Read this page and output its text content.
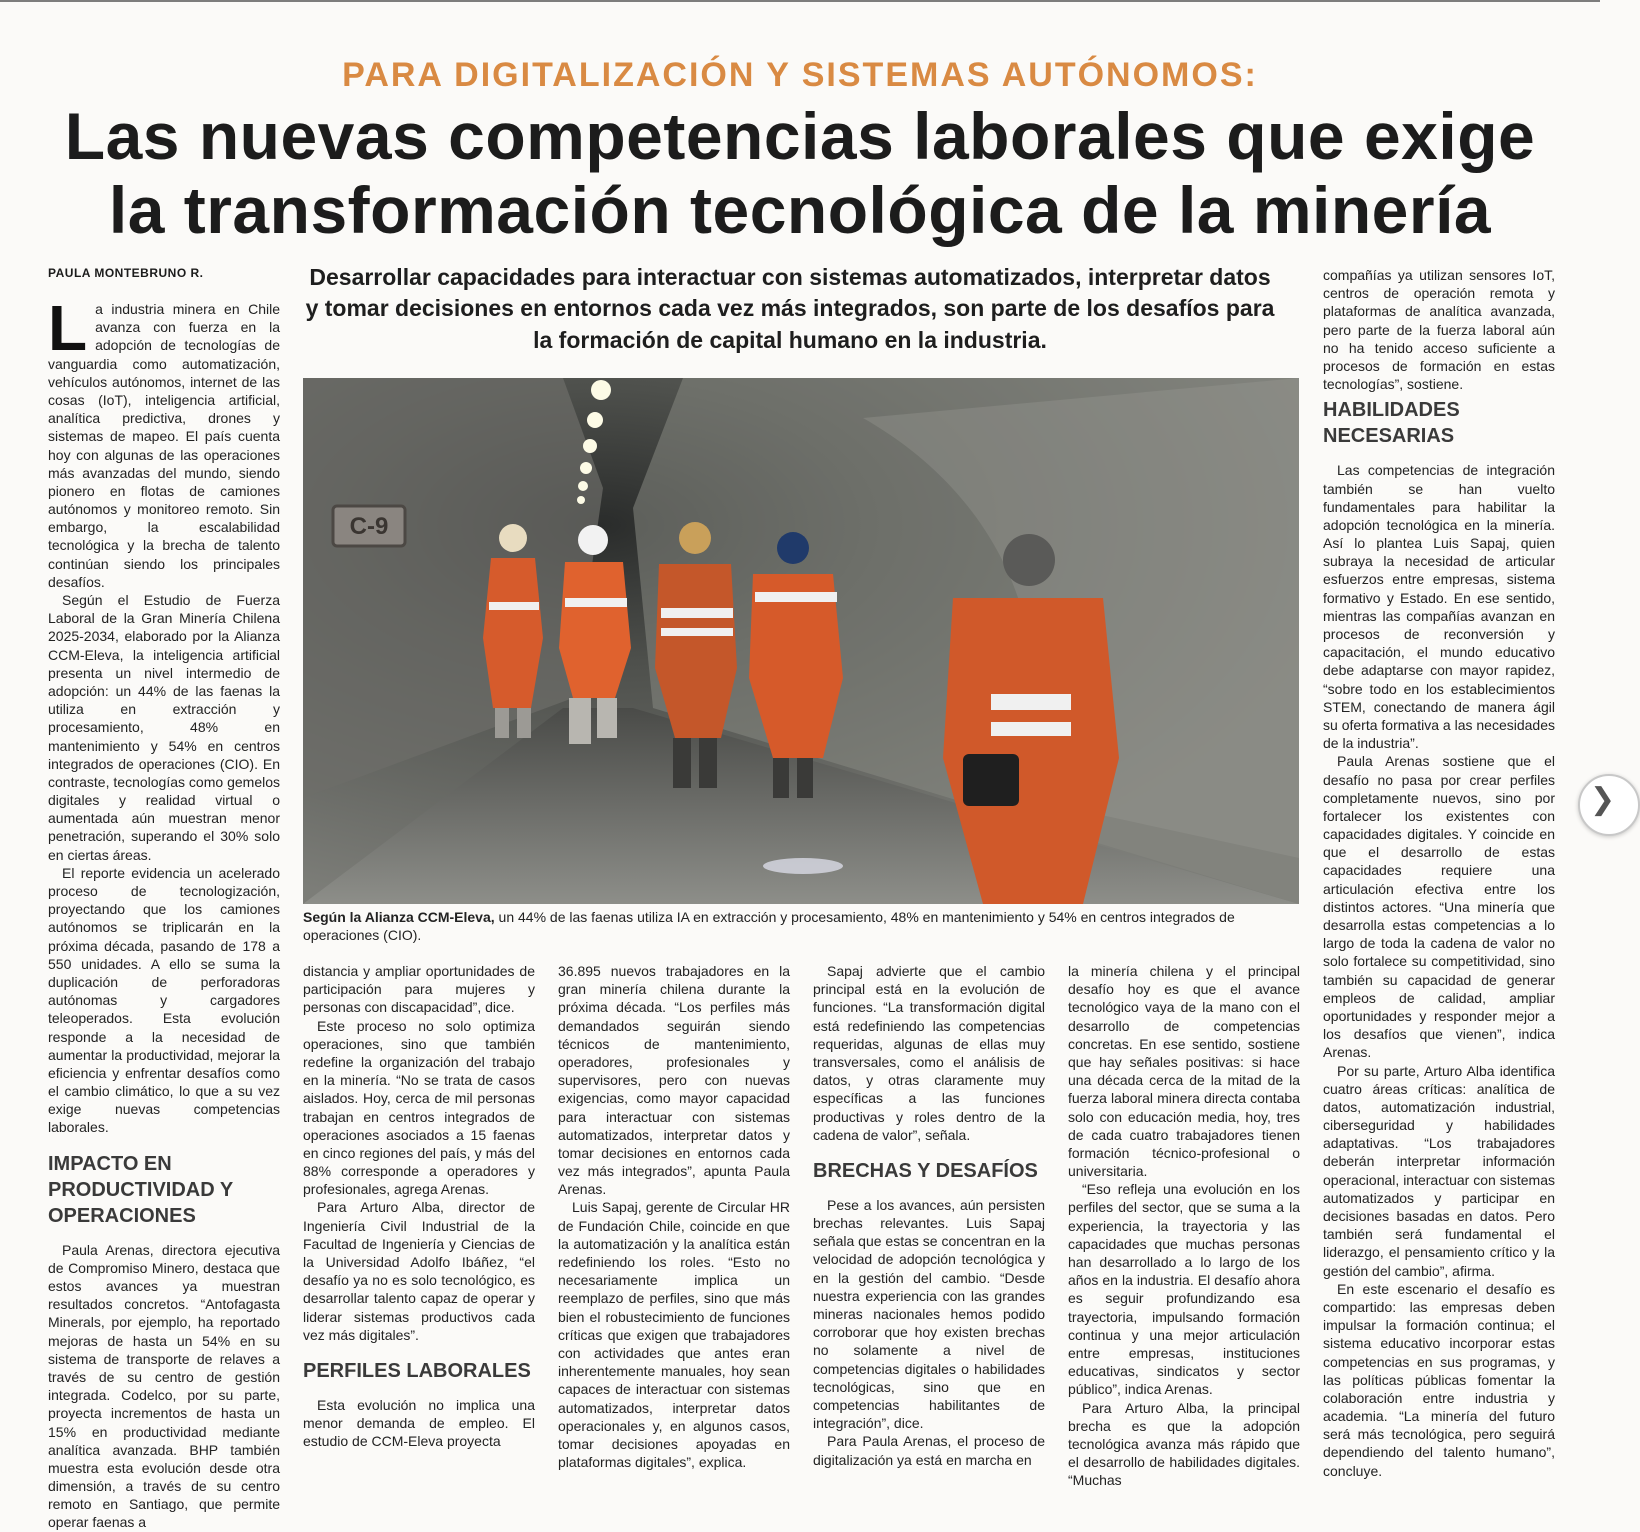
PARA DIGITALIZACIÓN Y SISTEMAS AUTÓNOMOS:
Las nuevas competencias laborales que exige
la transformación tecnológica de la minería
PAULA MONTEBRUNO R.	Desarrollar capacidades para interactuar con sistemas automatizados, interpretar datos y tomar decisiones en entornos cada vez más integrados, son parte de los desafíos para la formación de capital humano en la industria.

La industria minera en Chile avanza con fuerza en la adopción de tecnologías de vanguardia como automatización, vehículos autónomos, internet de las cosas (IoT), inteligencia artificial, analítica predictiva, drones y sistemas de mapeo. El país cuenta hoy con algunas de las operaciones más avanzadas del mundo, siendo pionero en flotas de camiones autónomos y monitoreo remoto. Sin embargo, la escalabilidad tecnológica y la brecha de talento continúan siendo los principales desafíos.

Según el Estudio de Fuerza Laboral de la Gran Minería Chilena 2025-2034, elaborado por la Alianza CCM-Eleva, la inteligencia artificial presenta un nivel intermedio de adopción: un 44% de las faenas la utiliza en extracción y procesamiento, 48% en mantenimiento y 54% en centros integrados de operaciones (CIO). En contraste, tecnologías como gemelos digitales y realidad virtual o aumentada aún muestran menor penetración, superando el 30% solo en ciertas áreas.

El reporte evidencia un acelerado proceso de tecnologización, proyectando que los camiones autónomos se triplicarán en la próxima década, pasando de 178 a 550 unidades. A ello se suma la duplicación de perforadoras autónomas y cargadores teleoperados. Esta evolución responde a la necesidad de aumentar la productividad, mejorar la eficiencia y enfrentar desafíos como el cambio climático, lo que a su vez exige nuevas competencias laborales.

IMPACTO EN PRODUCTIVIDAD Y OPERACIONES

Paula Arenas, directora ejecutiva de Compromiso Minero, destaca que estos avances ya muestran resultados concretos. “Antofagasta Minerals, por ejemplo, ha reportado mejoras de hasta un 54% en su sistema de transporte de relaves a través de su centro de gestión integrada. Codelco, por su parte, proyecta incrementos de hasta un 15% en productividad mediante analítica avanzada. BHP también muestra esta evolución desde otra dimensión, a través de su centro remoto en Santiago, que permite operar faenas a

C-9
Según la Alianza CCM-Eleva, un 44% de las faenas utiliza IA en extracción y procesamiento, 48% en mantenimiento y 54% en centros integrados de operaciones (CIO).

distancia y ampliar oportunidades de participación para mujeres y personas con discapacidad”, dice.

Este proceso no solo optimiza operaciones, sino que también redefine la organización del trabajo en la minería. “No se trata de casos aislados. Hoy, cerca de mil personas trabajan en centros integrados de operaciones asociados a 15 faenas en cinco regiones del país, y más del 88% corresponde a operadores y profesionales, agrega Arenas.

Para Arturo Alba, director de Ingeniería Civil Industrial de la Facultad de Ingeniería y Ciencias de la Universidad Adolfo Ibáñez, “el desafío ya no es solo tecnológico, es desarrollar talento capaz de operar y liderar sistemas productivos cada vez más digitales”.

PERFILES LABORALES

Esta evolución no implica una menor demanda de empleo. El estudio de CCM-Eleva proyecta

36.895 nuevos trabajadores en la gran minería chilena durante la próxima década. “Los perfiles más demandados seguirán siendo técnicos de mantenimiento, operadores, profesionales y supervisores, pero con nuevas exigencias, como mayor capacidad para interactuar con sistemas automatizados, interpretar datos y tomar decisiones en entornos cada vez más integrados”, apunta Paula Arenas.

Luis Sapaj, gerente de Circular HR de Fundación Chile, coincide en que la automatización y la analítica están redefiniendo los roles. “Esto no necesariamente implica un reemplazo de perfiles, sino que más bien el robustecimiento de funciones críticas que exigen que trabajadores con actividades que antes eran inherentemente manuales, hoy sean capaces de interactuar con sistemas automatizados, interpretar datos operacionales y, en algunos casos, tomar decisiones apoyadas en plataformas digitales”, explica.

Sapaj advierte que el cambio principal está en la evolución de funciones. “La transformación digital está redefiniendo las competencias requeridas, algunas de ellas muy transversales, como el análisis de datos, y otras claramente muy específicas a las funciones productivas y roles dentro de la cadena de valor”, señala.

BRECHAS Y DESAFÍOS

Pese a los avances, aún persisten brechas relevantes. Luis Sapaj señala que estas se concentran en la velocidad de adopción tecnológica y en la gestión del cambio. “Desde nuestra experiencia con las grandes mineras nacionales hemos podido corroborar que hoy existen brechas no solamente a nivel de competencias digitales o habilidades tecnológicas, sino que en competencias habilitantes de integración”, dice.

Para Paula Arenas, el proceso de digitalización ya está en marcha en

la minería chilena y el principal desafío hoy es que el avance tecnológico vaya de la mano con el desarrollo de competencias concretas. En ese sentido, sostiene que hay señales positivas: si hace una década cerca de la mitad de la fuerza laboral minera directa contaba solo con educación media, hoy, tres de cada cuatro trabajadores tienen formación técnico-profesional o universitaria.

“Eso refleja una evolución en los perfiles del sector, que se suma a la experiencia, la trayectoria y las capacidades que muchas personas han desarrollado a lo largo de los años en la industria. El desafío ahora es seguir profundizando esa trayectoria, impulsando formación continua y una mejor articulación entre empresas, instituciones educativas, sindicatos y sector público”, indica Arenas.

Para Arturo Alba, la principal brecha es que la adopción tecnológica avanza más rápido que el desarrollo de habilidades digitales. “Muchas

compañías ya utilizan sensores IoT, centros de operación remota y plataformas de analítica avanzada, pero parte de la fuerza laboral aún no ha tenido acceso suficiente a procesos de formación en estas tecnologías”, sostiene.

HABILIDADES NECESARIAS

Las competencias de integración también se han vuelto fundamentales para habilitar la adopción tecnológica en la minería. Así lo plantea Luis Sapaj, quien subraya la necesidad de articular esfuerzos entre empresas, sistema formativo y Estado. En ese sentido, mientras las compañías avanzan en procesos de reconversión y capacitación, el mundo educativo debe adaptarse con mayor rapidez, “sobre todo en los establecimientos STEM, conectando de manera ágil su oferta formativa a las necesidades de la industria”.

Paula Arenas sostiene que el desafío no pasa por crear perfiles completamente nuevos, sino por fortalecer los existentes con capacidades digitales. Y coincide en que el desarrollo de estas capacidades requiere una articulación efectiva entre los distintos actores. “Una minería que desarrolla estas competencias a lo largo de toda la cadena de valor no solo fortalece su competitividad, sino también su capacidad de generar empleos de calidad, ampliar oportunidades y responder mejor a los desafíos que vienen”, indica Arenas.

Por su parte, Arturo Alba identifica cuatro áreas críticas: analítica de datos, automatización industrial, ciberseguridad y habilidades adaptativas. “Los trabajadores deberán interpretar información operacional, interactuar con sistemas automatizados y participar en decisiones basadas en datos. Pero también será fundamental el liderazgo, el pensamiento crítico y la gestión del cambio”, afirma.

En este escenario el desafío es compartido: las empresas deben impulsar la formación continua; el sistema educativo incorporar estas competencias en sus programas, y las políticas públicas fomentar la colaboración entre industria y academia. “La minería del futuro será más tecnológica, pero seguirá dependiendo del talento humano”, concluye.

❯
